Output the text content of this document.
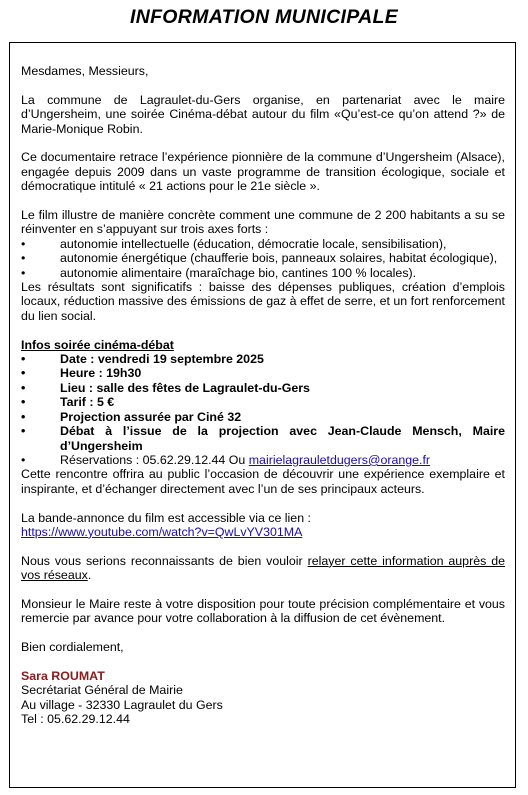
INFORMATION MUNICIPALE

Mesdames, Messieurs,

La commune de Lagraulet-du-Gers organise, en partenariat avec le maire d’Ungersheim, une soirée Cinéma-débat autour du film «Qu’est-ce qu’on attend ?» de Marie-Monique Robin.

Ce documentaire retrace l’expérience pionnière de la commune d’Ungersheim (Alsace), engagée depuis 2009 dans un vaste programme de transition écologique, sociale et démocratique intitulé « 21 actions pour le 21e siècle ».

Le film illustre de manière concrète comment une commune de 2 200 habitants a su se réinventer en s’appuyant sur trois axes forts :

•	autonomie intellectuelle (éducation, démocratie locale, sensibilisation),
•	autonomie énergétique (chaufferie bois, panneaux solaires, habitat écologique),
•	autonomie alimentaire (maraîchage bio, cantines 100 % locales).

Les résultats sont significatifs : baisse des dépenses publiques, création d’emplois locaux, réduction massive des émissions de gaz à effet de serre, et un fort renforcement du lien social.

Infos soirée cinéma-débat

•	Date : vendredi 19 septembre 2025
•	Heure : 19h30
•	Lieu : salle des fêtes de Lagraulet-du-Gers
•	Tarif : 5 €
•	Projection assurée par Ciné 32
•	Débat à l’issue de la projection avec Jean-Claude Mensch, Maire d’Ungersheim
•	Réservations : 05.62.29.12.44 Ou mairielagrauletdugers@orange.fr

Cette rencontre offrira au public l’occasion de découvrir une expérience exemplaire et inspirante, et d’échanger directement avec l’un de ses principaux acteurs.

La bande-annonce du film est accessible via ce lien :

https://www.youtube.com/watch?v=QwLvYV301MA

Nous vous serions reconnaissants de bien vouloir relayer cette information auprès de vos réseaux.

Monsieur le Maire reste à votre disposition pour toute précision complémentaire et vous remercie par avance pour votre collaboration à la diffusion de cet évènement.

Bien cordialement,

Sara ROUMAT

Secrétariat Général de Mairie

Au village - 32330 Lagraulet du Gers

Tel : 05.62.29.12.44
